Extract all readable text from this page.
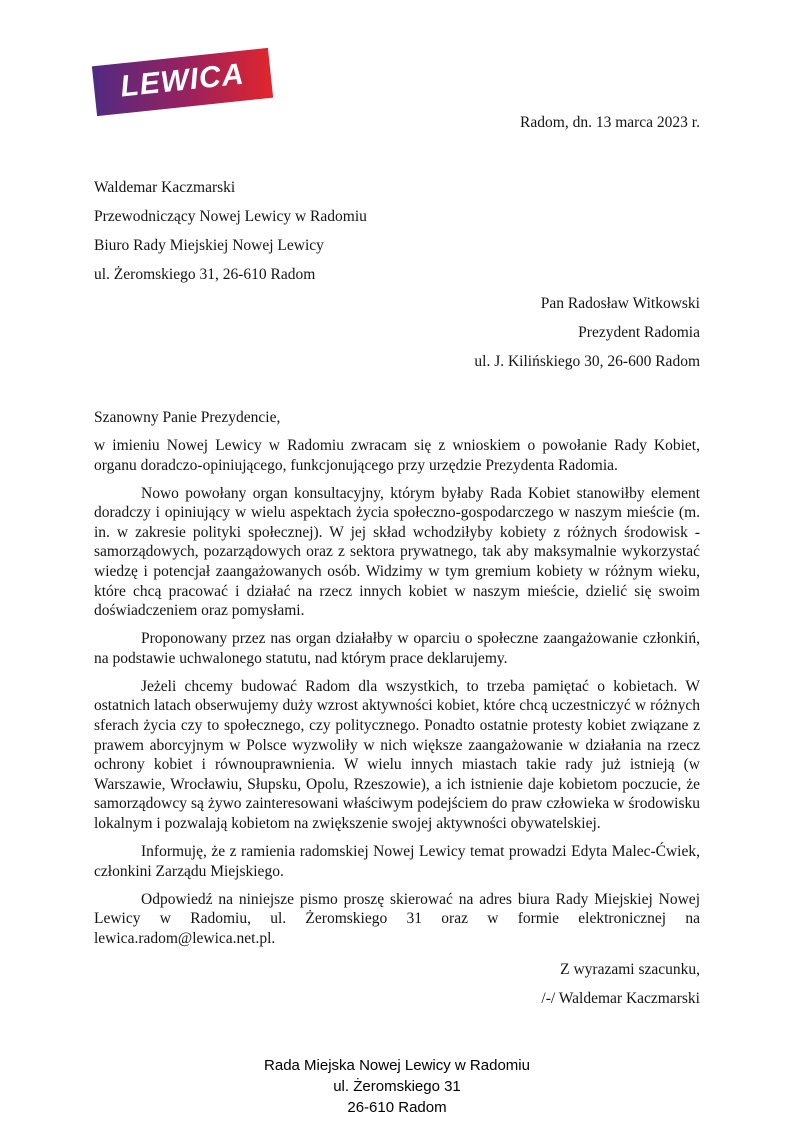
LEWICA

Radom, dn. 13 marca 2023 r.

Waldemar Kaczmarski

Przewodniczący Nowej Lewicy w Radomiu

Biuro Rady Miejskiej Nowej Lewicy

ul. Żeromskiego 31, 26-610 Radom

Pan Radosław Witkowski

Prezydent Radomia

ul. J. Kilińskiego 30, 26-600 Radom

Szanowny Panie Prezydencie,

w imieniu Nowej Lewicy w Radomiu zwracam się z wnioskiem o powołanie Rady Kobiet, organu doradczo-opiniującego, funkcjonującego przy urzędzie Prezydenta Radomia.

Nowo powołany organ konsultacyjny, którym byłaby Rada Kobiet stanowiłby element doradczy i opiniujący w wielu aspektach życia społeczno-gospodarczego w naszym mieście (m. in. w zakresie polityki społecznej). W jej skład wchodziłyby kobiety z różnych środowisk - samorządowych, pozarządowych oraz z sektora prywatnego, tak aby maksymalnie wykorzystać wiedzę i potencjał zaangażowanych osób. Widzimy w tym gremium kobiety w różnym wieku, które chcą pracować i działać na rzecz innych kobiet w naszym mieście, dzielić się swoim doświadczeniem oraz pomysłami.

Proponowany przez nas organ działałby w oparciu o społeczne zaangażowanie członkiń, na podstawie uchwalonego statutu, nad którym prace deklarujemy.

Jeżeli chcemy budować Radom dla wszystkich, to trzeba pamiętać o kobietach. W ostatnich latach obserwujemy duży wzrost aktywności kobiet, które chcą uczestniczyć w różnych sferach życia czy to społecznego, czy politycznego. Ponadto ostatnie protesty kobiet związane z prawem aborcyjnym w Polsce wyzwoliły w nich większe zaangażowanie w działania na rzecz ochrony kobiet i równouprawnienia. W wielu innych miastach takie rady już istnieją (w Warszawie, Wrocławiu, Słupsku, Opolu, Rzeszowie), a ich istnienie daje kobietom poczucie, że samorządowcy są żywo zainteresowani właściwym podejściem do praw człowieka w środowisku lokalnym i pozwalają kobietom na zwiększenie swojej aktywności obywatelskiej.

Informuję, że z ramienia radomskiej Nowej Lewicy temat prowadzi Edyta Malec-Ćwiek, członkini Zarządu Miejskiego.

Odpowiedź na niniejsze pismo proszę skierować na adres biura Rady Miejskiej Nowej Lewicy w Radomiu, ul. Żeromskiego 31 oraz w formie elektronicznej na lewica.radom@lewica.net.pl.

Z wyrazami szacunku,

/-/ Waldemar Kaczmarski

Rada Miejska Nowej Lewicy w Radomiu

ul. Żeromskiego 31

26-610 Radom
